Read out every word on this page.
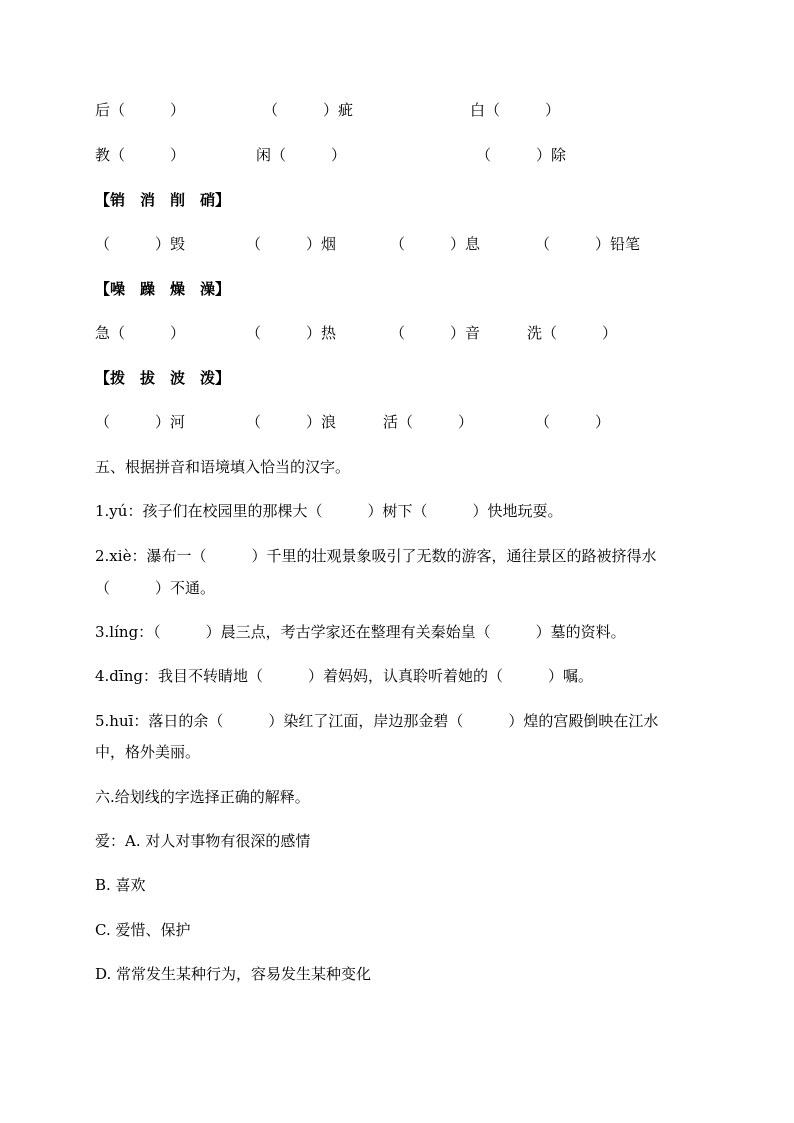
后（　　　）	（　　　）疵	白（　　　）
教（　　　）	闲（　　　）	（　　　）除
【销　消　削　硝】
（　　　）毁	（　　　）烟	（　　　）息	（　　　）铅笔
【噪　躁　燥　澡】
急（　　　）	（　　　）热	（　　　）音	洗（　　　）
【拨　拔　波　泼】
（　　　）河	（　　　）浪	活（　　　）	（　　　）
五、根据拼音和语境填入恰当的汉字。
1.yú：孩子们在校园里的那棵大（　　　）树下（　　　）快地玩耍。
2.xiè：瀑布一（　　　）千里的壮观景象吸引了无数的游客，通往景区的路被挤得水
（　　　）不通。
3.líng：（　　　）晨三点，考古学家还在整理有关秦始皇（　　　）墓的资料。
4.dīng：我目不转睛地（　　　）着妈妈，认真聆听着她的（　　　）嘱。
5.huī：落日的余（　　　）染红了江面，岸边那金碧（　　　）煌的宫殿倒映在江水
中，格外美丽。
六.给划线的字选择正确的解释。
爱：A. 对人对事物有很深的感情
B. 喜欢
C. 爱惜、保护
D. 常常发生某种行为，容易发生某种变化
